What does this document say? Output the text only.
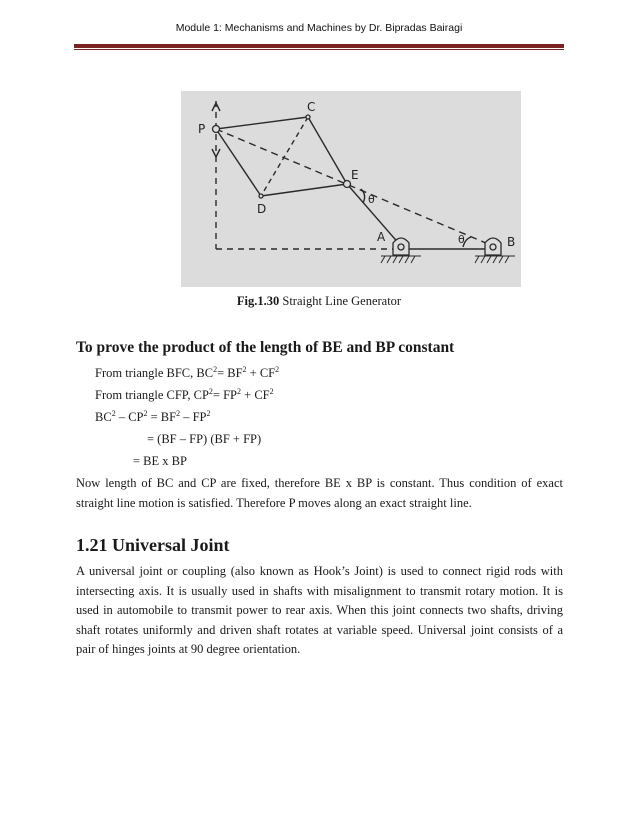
Module 1: Mechanisms and Machines by Dr. Bipradas Bairagi
P
C
E
D
A	B
θ
θ
Fig.1.30 Straight Line Generator
To prove the product of the length of BE and BP constant
From triangle BFC, $BC^2= BF^2 + CF^2$
From triangle CFP, $CP^2= FP^2 + CF^2$
$BC^2 - CP^2 = BF^2 - FP^2$
= (BF – FP) (BF + FP)
= BE x BP
Now length of BC and CP are fixed, therefore BE x BP is constant. Thus condition of exact straight line motion is satisfied. Therefore P moves along an exact straight line.
1.21 Universal Joint
A universal joint or coupling (also known as Hook’s Joint) is used to connect rigid rods with intersecting axis. It is usually used in shafts with misalignment to transmit rotary motion. It is used in automobile to transmit power to rear axis. When this joint connects two shafts, driving shaft rotates uniformly and driven shaft rotates at variable speed. Universal joint consists of a pair of hinges joints at 90 degree orientation.
